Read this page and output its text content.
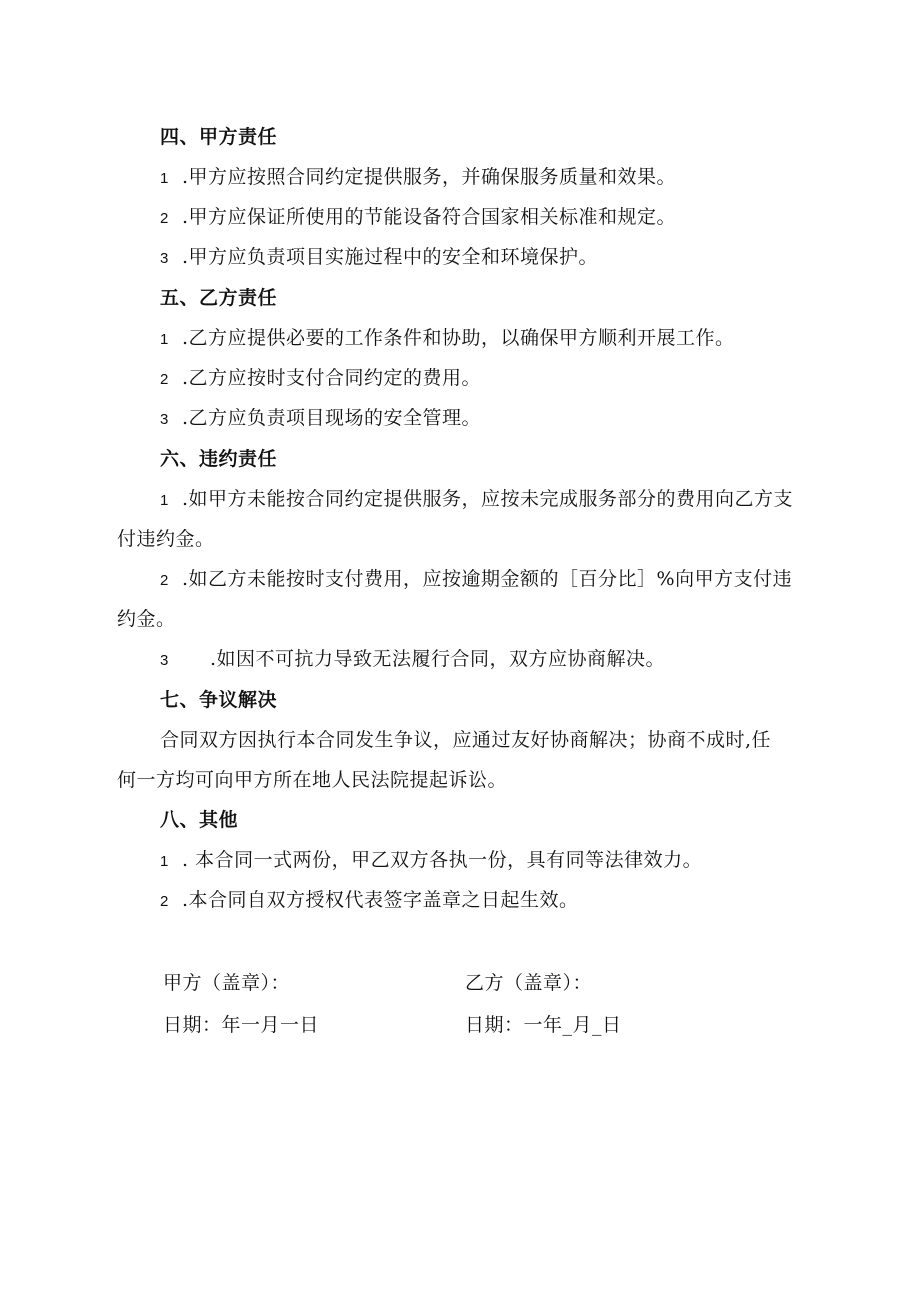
四、甲方责任
1 .甲方应按照合同约定提供服务，并确保服务质量和效果。
2 .甲方应保证所使用的节能设备符合国家相关标准和规定。
3 .甲方应负责项目实施过程中的安全和环境保护。
五、乙方责任
1 .乙方应提供必要的工作条件和协助，以确保甲方顺利开展工作。
2 .乙方应按时支付合同约定的费用。
3 .乙方应负责项目现场的安全管理。
六、违约责任
1 .如甲方未能按合同约定提供服务，应按未完成服务部分的费用向乙方支
付违约金。
2 .如乙方未能按时支付费用，应按逾期金额的［百分比］%向甲方支付违
约金。
3 .如因不可抗力导致无法履行合同，双方应协商解决。
七、争议解决
合同双方因执行本合同发生争议，应通过友好协商解决；协商不成时,任
何一方均可向甲方所在地人民法院提起诉讼。
八、其他
1 . 本合同一式两份，甲乙双方各执一份，具有同等法律效力。
2 .本合同自双方授权代表签字盖章之日起生效。
甲方（盖章）：	乙方（盖章）：
日期：年一月一日	日期：一年_月_日
